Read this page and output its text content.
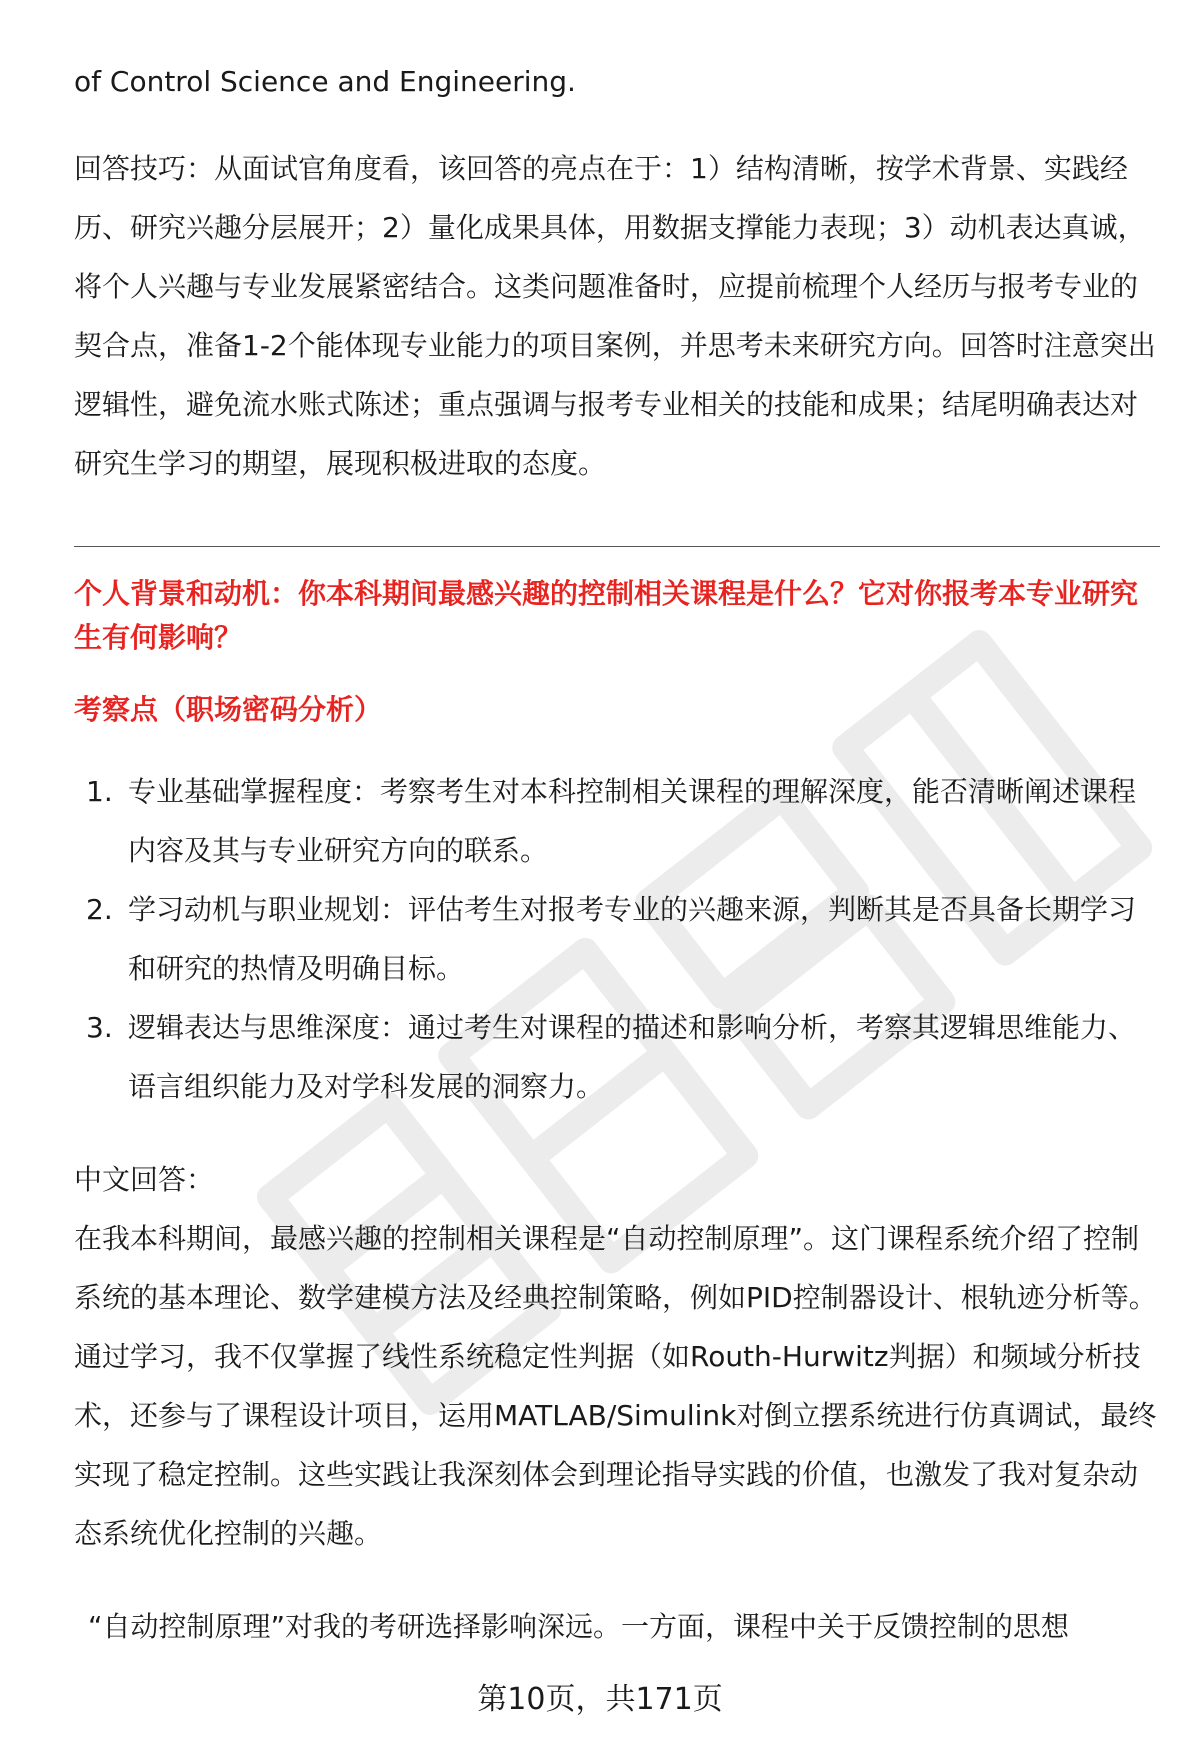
of Control Science and Engineering.

回答技巧：从面试官角度看，该回答的亮点在于：1）结构清晰，按学术背景、实践经历、研究兴趣分层展开；2）量化成果具体，用数据支撑能力表现；3）动机表达真诚，将个人兴趣与专业发展紧密结合。这类问题准备时，应提前梳理个人经历与报考专业的契合点，准备1-2个能体现专业能力的项目案例，并思考未来研究方向。回答时注意突出逻辑性，避免流水账式陈述；重点强调与报考专业相关的技能和成果；结尾明确表达对研究生学习的期望，展现积极进取的态度。

个人背景和动机：你本科期间最感兴趣的控制相关课程是什么？它对你报考本专业研究生有何影响？

考察点（职场密码分析）

1. 专业基础掌握程度：考察考生对本科控制相关课程的理解深度，能否清晰阐述课程内容及其与专业研究方向的联系。
2. 学习动机与职业规划：评估考生对报考专业的兴趣来源，判断其是否具备长期学习和研究的热情及明确目标。
3. 逻辑表达与思维深度：通过考生对课程的描述和影响分析，考察其逻辑思维能力、语言组织能力及对学科发展的洞察力。

中文回答：

在我本科期间，最感兴趣的控制相关课程是“自动控制原理”。这门课程系统介绍了控制系统的基本理论、数学建模方法及经典控制策略，例如PID控制器设计、根轨迹分析等。通过学习，我不仅掌握了线性系统稳定性判据（如Routh-Hurwitz判据）和频域分析技术，还参与了课程设计项目，运用MATLAB/Simulink对倒立摆系统进行仿真调试，最终实现了稳定控制。这些实践让我深刻体会到理论指导实践的价值，也激发了我对复杂动态系统优化控制的兴趣。

“自动控制原理”对我的考研选择影响深远。一方面，课程中关于反馈控制的思想

第10页，共171页
